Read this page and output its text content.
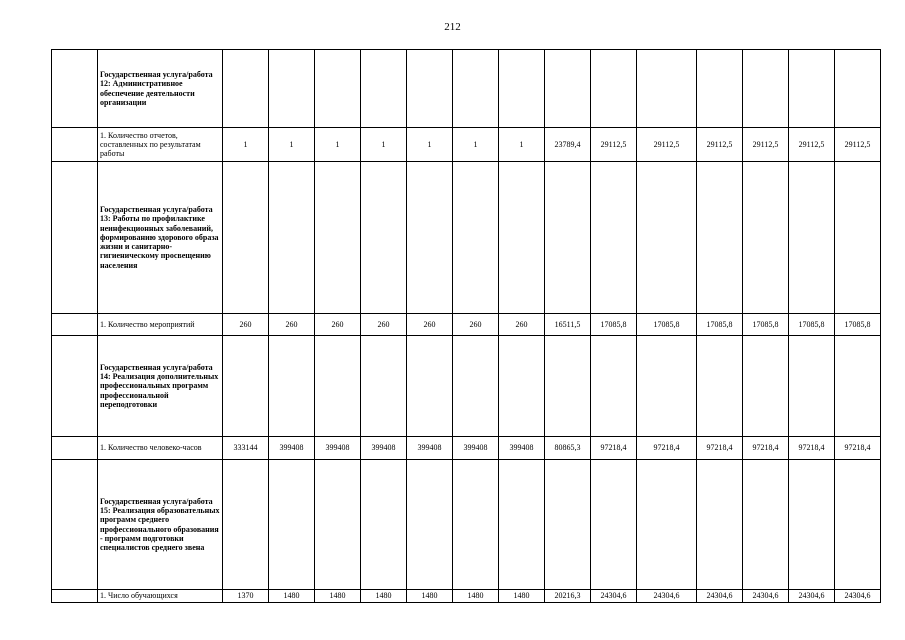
212
	Государственная услуга/работа 12: Административное обеспечение деятельности организации														
	1. Количество отчетов, составленных по результатам работы	1	1	1	1	1	1	1	23789,4	29112,5	29112,5	29112,5	29112,5	29112,5	29112,5
	Государственная услуга/работа 13: Работы по профилактике неинфекционных заболеваний, формированию здорового образа жизни и санитарно-гигиеническому просвещению населения														
	1. Количество мероприятий	260	260	260	260	260	260	260	16511,5	17085,8	17085,8	17085,8	17085,8	17085,8	17085,8
	Государственная услуга/работа 14: Реализация дополнительных профессиональных программ профессиональной переподготовки														
	1. Количество человеко-часов	333144	399408	399408	399408	399408	399408	399408	80865,3	97218,4	97218,4	97218,4	97218,4	97218,4	97218,4
	Государственная услуга/работа 15: Реализация образовательных программ среднего профессионального образования - программ подготовки специалистов среднего звена														
	1. Число обучающихся	1370	1480	1480	1480	1480	1480	1480	20216,3	24304,6	24304,6	24304,6	24304,6	24304,6	24304,6
